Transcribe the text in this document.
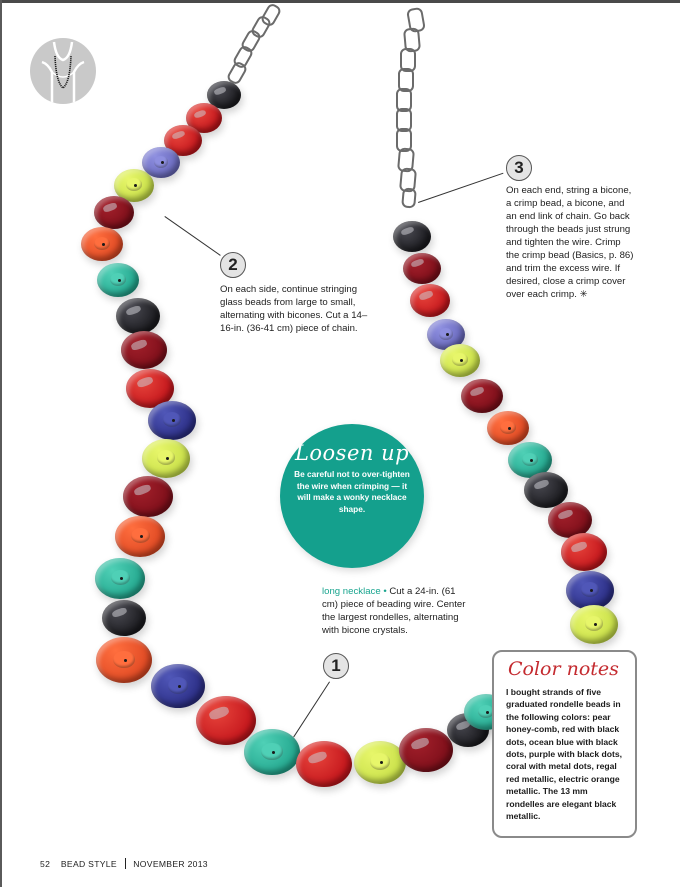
2
On each side, continue stringing glass beads from large to small, alternating with bicones. Cut a 14–16-in. (36-41 cm) piece of chain.
3
On each end, string a bicone, a crimp bead, a bicone, and an end link of chain. Go back through the beads just strung and tighten the wire. Crimp the crimp bead (Basics, p. 86) and trim the excess wire. If desired, close a crimp cover over each crimp. ✳
Loosen up
Be careful not to over-tighten the wire when crimping — it will make a wonky necklace shape.
long necklace • Cut a 24-in. (61 cm) piece of beading wire. Center the largest rondelles, alternating with bicone crystals.
1	Color notes
I bought strands of five graduated rondelle beads in the following colors: pear honey-comb, red with black dots, ocean blue with black dots, purple with black dots, coral with metal dots, regal red metallic, electric orange metallic. The 13 mm rondelles are elegant black metallic.
52 BEAD STYLE NOVEMBER 2013
